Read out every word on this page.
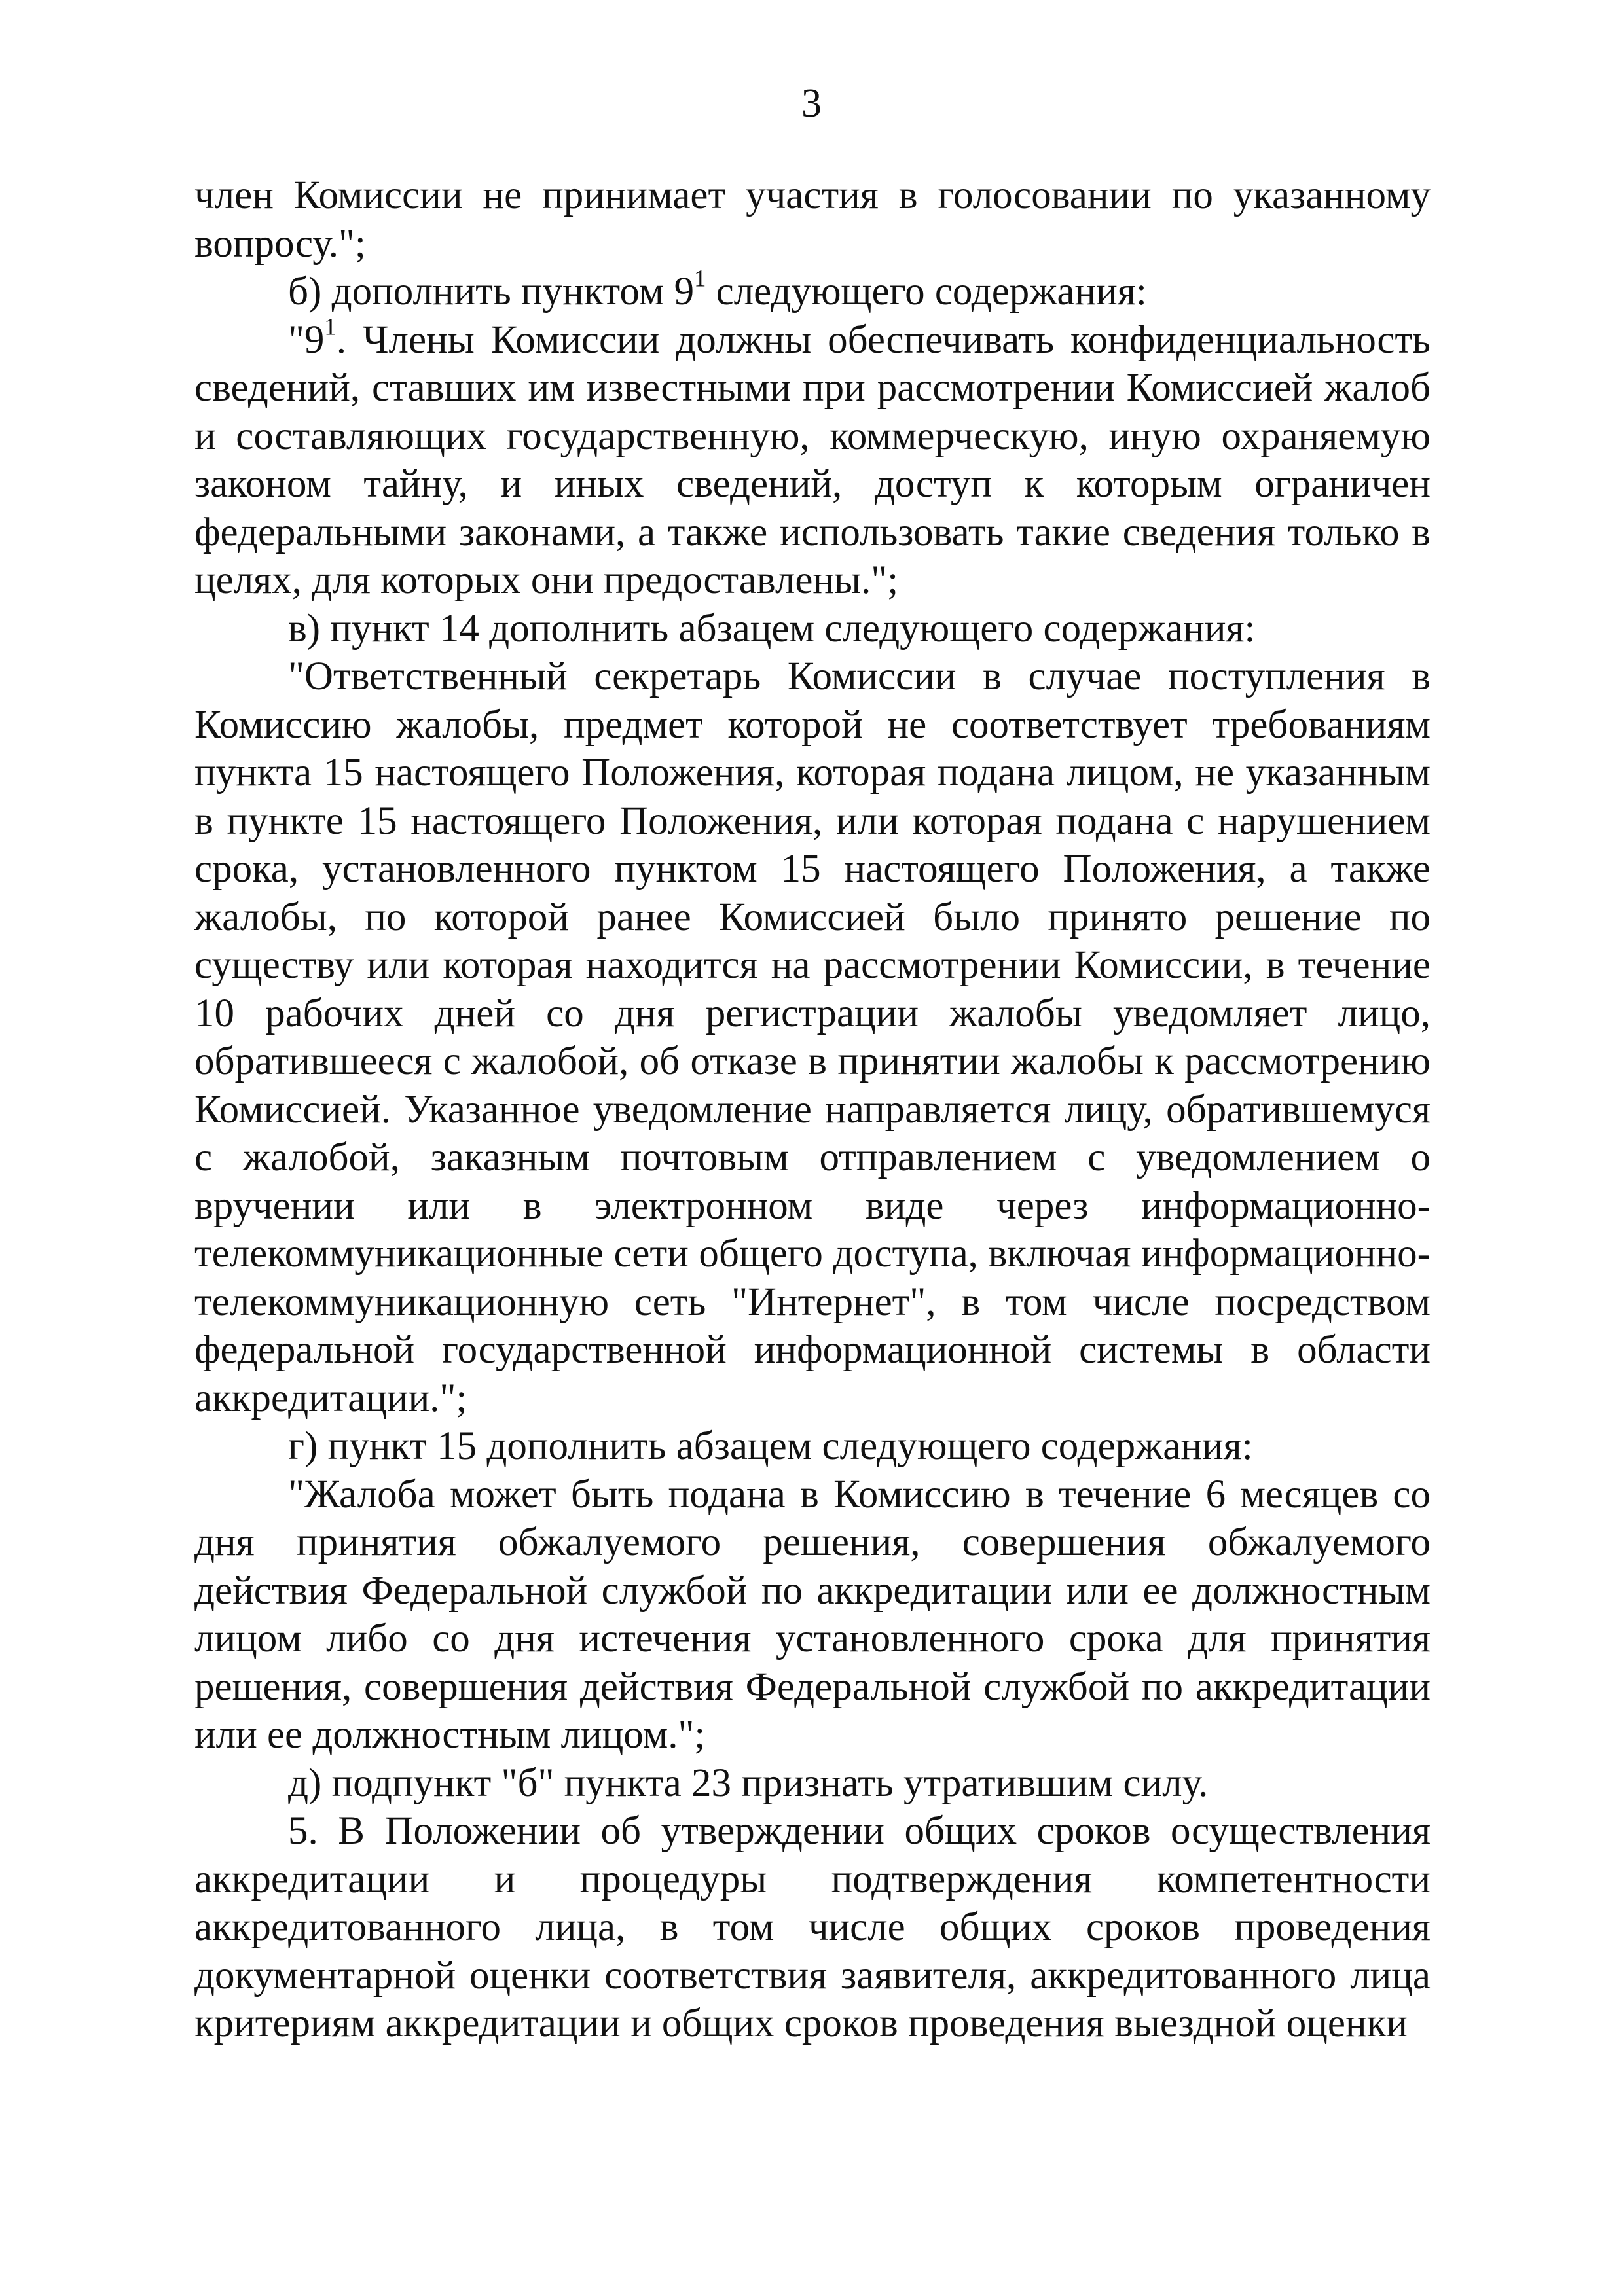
3

член Комиссии не принимает участия в голосовании по указанному вопросу.";

б) дополнить пунктом $9^1$ следующего содержания:

"$9^1$. Члены Комиссии должны обеспечивать конфиденциальность сведений, ставших им известными при рассмотрении Комиссией жалоб и составляющих государственную, коммерческую, иную охраняемую законом тайну, и иных сведений, доступ к которым ограничен федеральными законами, а также использовать такие сведения только в целях, для которых они предоставлены.";

в) пункт 14 дополнить абзацем следующего содержания:

"Ответственный секретарь Комиссии в случае поступления в Комиссию жалобы, предмет которой не соответствует требованиям пункта 15 настоящего Положения, которая подана лицом, не указанным в пункте 15 настоящего Положения, или которая подана с нарушением срока, установленного пунктом 15 настоящего Положения, а также жалобы, по которой ранее Комиссией было принято решение по существу или которая находится на рассмотрении Комиссии, в течение 10 рабочих дней со дня регистрации жалобы уведомляет лицо, обратившееся с жалобой, об отказе в принятии жалобы к рассмотрению Комиссией. Указанное уведомление направляется лицу, обратившемуся с жалобой, заказным почтовым отправлением с уведомлением о вручении или в электронном виде через информационно-телекоммуникационные сети общего доступа, включая информационно-телекоммуникационную сеть "Интернет", в том числе посредством федеральной государственной информационной системы в области аккредитации.";

г) пункт 15 дополнить абзацем следующего содержания:

"Жалоба может быть подана в Комиссию в течение 6 месяцев со дня принятия обжалуемого решения, совершения обжалуемого действия Федеральной службой по аккредитации или ее должностным лицом либо со дня истечения установленного срока для принятия решения, совершения действия Федеральной службой по аккредитации или ее должностным лицом.";

д) подпункт "б" пункта 23 признать утратившим силу.

5. В Положении об утверждении общих сроков осуществления аккредитации и процедуры подтверждения компетентности аккредитованного лица, в том числе общих сроков проведения документарной оценки соответствия заявителя, аккредитованного лица критериям аккредитации и общих сроков проведения выездной оценки
